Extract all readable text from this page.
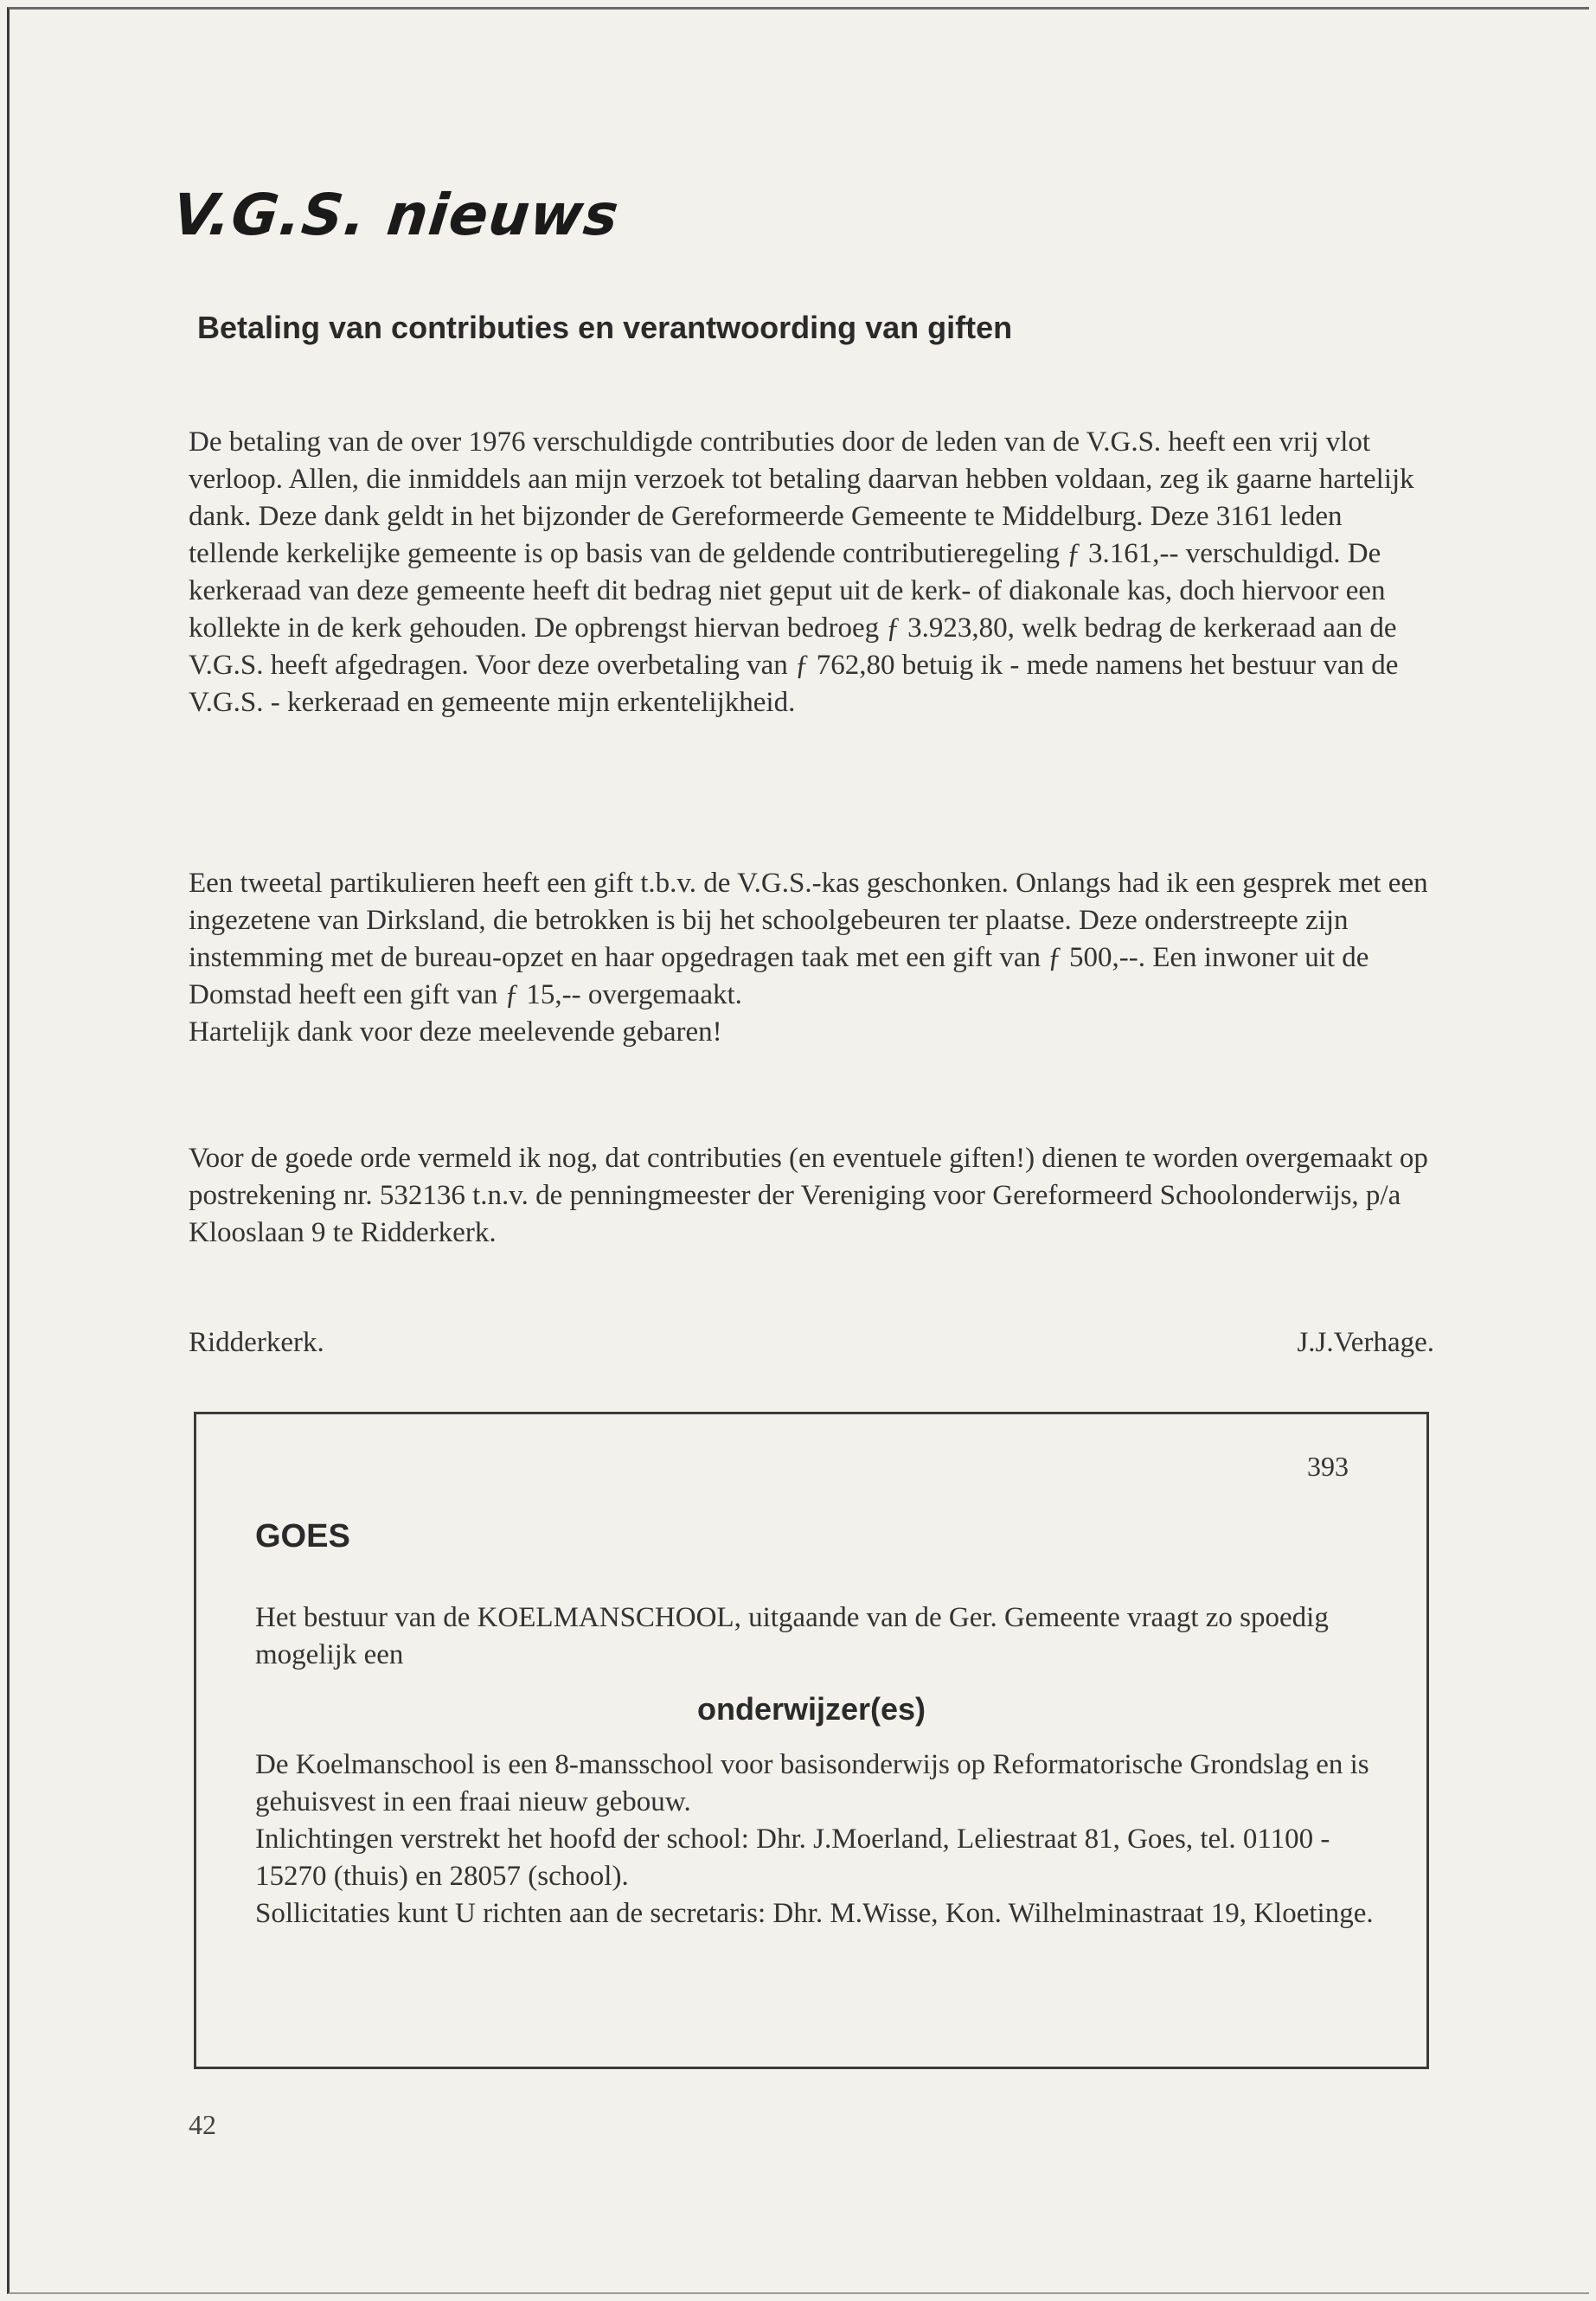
V.G.S. nieuws
Betaling van contributies en verantwoording van giften

De betaling van de over 1976 verschuldigde contributies door de leden van de V.G.S. heeft een vrij vlot verloop. Allen, die inmiddels aan mijn verzoek tot betaling daarvan hebben voldaan, zeg ik gaarne hartelijk dank. Deze dank geldt in het bijzonder de Gereformeerde Gemeente te Middelburg. Deze 3161 leden tellende kerkelijke gemeente is op basis van de geldende contributieregeling ƒ 3.161,-- verschuldigd. De kerkeraad van deze gemeente heeft dit bedrag niet geput uit de kerk- of diakonale kas, doch hiervoor een kollekte in de kerk gehouden. De opbrengst hiervan bedroeg ƒ 3.923,80, welk bedrag de kerkeraad aan de V.G.S. heeft afgedragen. Voor deze overbetaling van ƒ 762,80 betuig ik - mede namens het bestuur van de V.G.S. - kerkeraad en gemeente mijn erkentelijkheid.

Een tweetal partikulieren heeft een gift t.b.v. de V.G.S.-kas geschonken. Onlangs had ik een gesprek met een ingezetene van Dirksland, die betrokken is bij het schoolgebeuren ter plaatse. Deze onderstreepte zijn instemming met de bureau-opzet en haar opgedragen taak met een gift van ƒ 500,--. Een inwoner uit de Domstad heeft een gift van ƒ 15,-- overgemaakt.

Hartelijk dank voor deze meelevende gebaren!

Voor de goede orde vermeld ik nog, dat contributies (en eventuele giften!) dienen te worden overgemaakt op postrekening nr. 532136 t.n.v. de penningmeester der Vereniging voor Gereformeerd Schoolonderwijs, p/a Klooslaan 9 te Ridderkerk.

Ridderkerk.	J.J.Verhage.
393
GOES
Het bestuur van de KOELMANSCHOOL, uitgaande van de Ger. Gemeente vraagt zo spoedig mogelijk een
onderwijzer(es)

De Koelmanschool is een 8-mansschool voor basisonderwijs op Reformatorische Grondslag en is gehuisvest in een fraai nieuw gebouw.

Inlichtingen verstrekt het hoofd der school: Dhr. J.Moerland, Leliestraat 81, Goes, tel. 01100 - 15270 (thuis) en 28057 (school).

Sollicitaties kunt U richten aan de secretaris: Dhr. M.Wisse, Kon. Wilhelminastraat 19, Kloetinge.

42
